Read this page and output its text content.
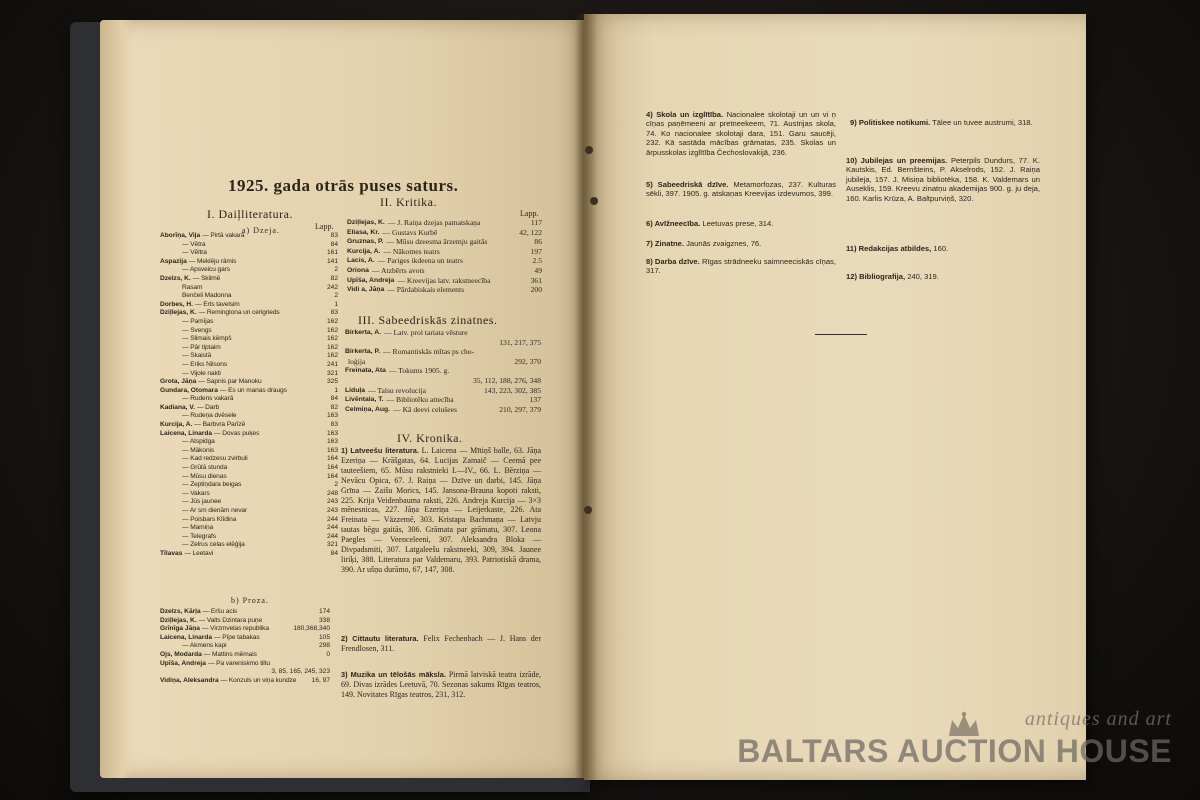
1925. gada otrās puses saturs.
I. Daiļliteratura.
a) Dzeja.	Lapp.
Aborīņa, Vija — Pirtā vakarā	83
— Vētra	84
— Vēltra	161
Aspazija — Meklēju rāmis	141
— Apsveicu gars	2
Dzelzs, K. — Skilmē	82
Rasam	242
Benčeli Madonna	2
Dorbes, H. — Erts tavelsim	1
Dziļlejas, K. — Remingtona un cerigrieds	83
— Pamījas	162
— Svengs	162
— Slimais kēmpš	162
— Pār tiptaim	162
— Skaistā	162
— Eriks Nilsons	241
— Vijole nakti	321
Grota, Jāņa — Sapnis par Manoku	325
Gundara, Otomara — Es un manas draugs	1
— Rudens vakarā	84
Kadiana, V. — Darb	82
— Rudeņa dvēsele	163
Kurcija, A. — Barbvra Parīzē	83
Laicena, Linarda — Dovas puķes	163
— Atspidga	163
— Mākonis	163
— Kad redzesu zvirbuli	164
— Grūtā stunda	164
— Mūsu dienas	164
— Zeptiņdara beigas	2
— Vakars	248
— Jūs jaunee	243
— Ar sm dienām nevar	243
— Poisbars Klīdina	244
— Mamiņa	244
— Telegrafs	244
— Zelrus celas elēģija	321
Tīlavas — Leetavi	84
b) Proza.
Dzelzs, Kārļa — Eršu acis	174
Dziļlejas, K. — Valts Dzintara puņe	338
Grīnīga Jāņa — Virzmvelas republika	180,368,340
Laicena, Linarda — Pīpe tabakas	105
— Akmens kapi	298
Ojs, Modarda — Mattins mēmais	0
Upīša, Andreja — Pa vareniskmo tiltu
3, 85, 165, 245, 323
Vidiņa, Aleksandra — Konzuls un viņa kundze	16, 97
II. Kritika.
Lapp.
Dziļlejas, K. — J. Raiņa dzejas pamatskaņa	117
Eliasa, Kr. — Gustavs Kurbē	42, 122
Gruznas, P. — Mūsu dzeesma ārzemju gaitās	86
Kurcija, A. — Nākotnes teatrs	197
Lacis, A. — Pariges ikdeena un teatrs	2.5
Oriona — Atzbērts avots	49
Upīša, Andreja — Kreevijas latv. rakstneecība	361
Vidi a, Jāņa — Pārdabiskais elements	200
III. Sabeedriskās zinatnes.
Birkerta, A. — Latv. prol tariata vēsture
131, 217, 375
Birkerta, P. — Romantiskās mītas ps cho-
loģija	292, 370
Freinata, Ata — Tokums 1905. g.
35, 112, 188, 276, 348
Liduļa — Talsu revolucija	143, 223, 302, 385
Livēntala, T. — Bibliotēku attecība	137
Celmiņa, Aug. — Kā deevi celušees	210, 297, 379
IV. Kronika.
1) Latveešu literatura. L. Laicena — Mītiņš balle, 63. Jāņa Ezeriņa — Krāšgatas, 64. Lucijas Zamaič — Ceemā pee tauteešiem, 65. Mūsu rakstnieki I.—IV., 66. L. Bērziņa — Nevācu Opica, 67. J. Raiņa — Dzīve un darbi, 145. Jāņa Grīna — Zaišu Morics, 145. Jansona-Brauna kopoti raksti, 225. Krija Veidenbauma raksti, 226. Andreja Kurcija — 3×3 mēnesnicas, 227. Jāņa Ezeriņa — Leijerkaste, 226. Ata Freinata — Väzzemē, 303. Kristapa Bachmaņa — Latvju tautas bēgu gaitās, 306. Grāmata par grāmatu, 307. Leona Paegles — Veenceleeni, 307. Aleksandra Bloka — Divpadsmiti, 307. Latgaleešu rakstneeki, 309, 394. Jaunee liriķi, 388. Literatura par Valdemaru, 393. Patriotiskā drama, 390. Ar ušņu durāmo, 67, 147, 308.
2) Cittautu literatura. Felix Fechenbach — J. Hans der Frendlosen, 311.
3) Muzika un tēlošās māksla. Pirmā latviskā teatra izrāde, 69. Divas izrādes Leetuvā, 70. Sezonas sakums Rīgas teatros, 149. Novitates Rīgas teatros, 231, 312.
4) Skola un izglītība. Nacionalee skolotaji un un vi ņ cīņas paņēmeeni ar pretneekeem, 71. Austrijas skola, 74. Ko nacionalee skolotaji dara, 151. Garu saucēji, 232. Kā sastāda mācības grāmatas, 235. Skolas un ārpusskolas izglītība Čechoslovakijā, 236.
5) Sabeedriskā dzīve. Metamorfozas, 237. Kulturas sēkli, 397. 1905. g. atskaņas Kreevijas izdevumos, 399.
6) Avīžneecība. Leetuvas prese, 314.
7) Zinatne. Jaunās zvaigznes, 76.
8) Darba dzīve. Rīgas strādneeku saimneeciskās cīņas, 317.
9) Politiskee notikumi. Tālee un tuvee austrumi, 318.
10) Jubilejas un preemijas. Peterpils Dundurs, 77. K. Kautskis, Ed. Bernšteins, P. Akselrods, 152. J. Raiņa jubileja, 157. J. Misiņa bibliotēka, 158. K. Valdemars un Auseklis, 159. Kreevu zinatņu akademijas 900. g. ju deja, 160. Karlis Krūza, A. Baltpurviņš, 320.
11) Redakcijas atbildes, 160.
12) Bibliografija, 240, 319.
antiques and art
BALTARS AUCTION HOUSE
